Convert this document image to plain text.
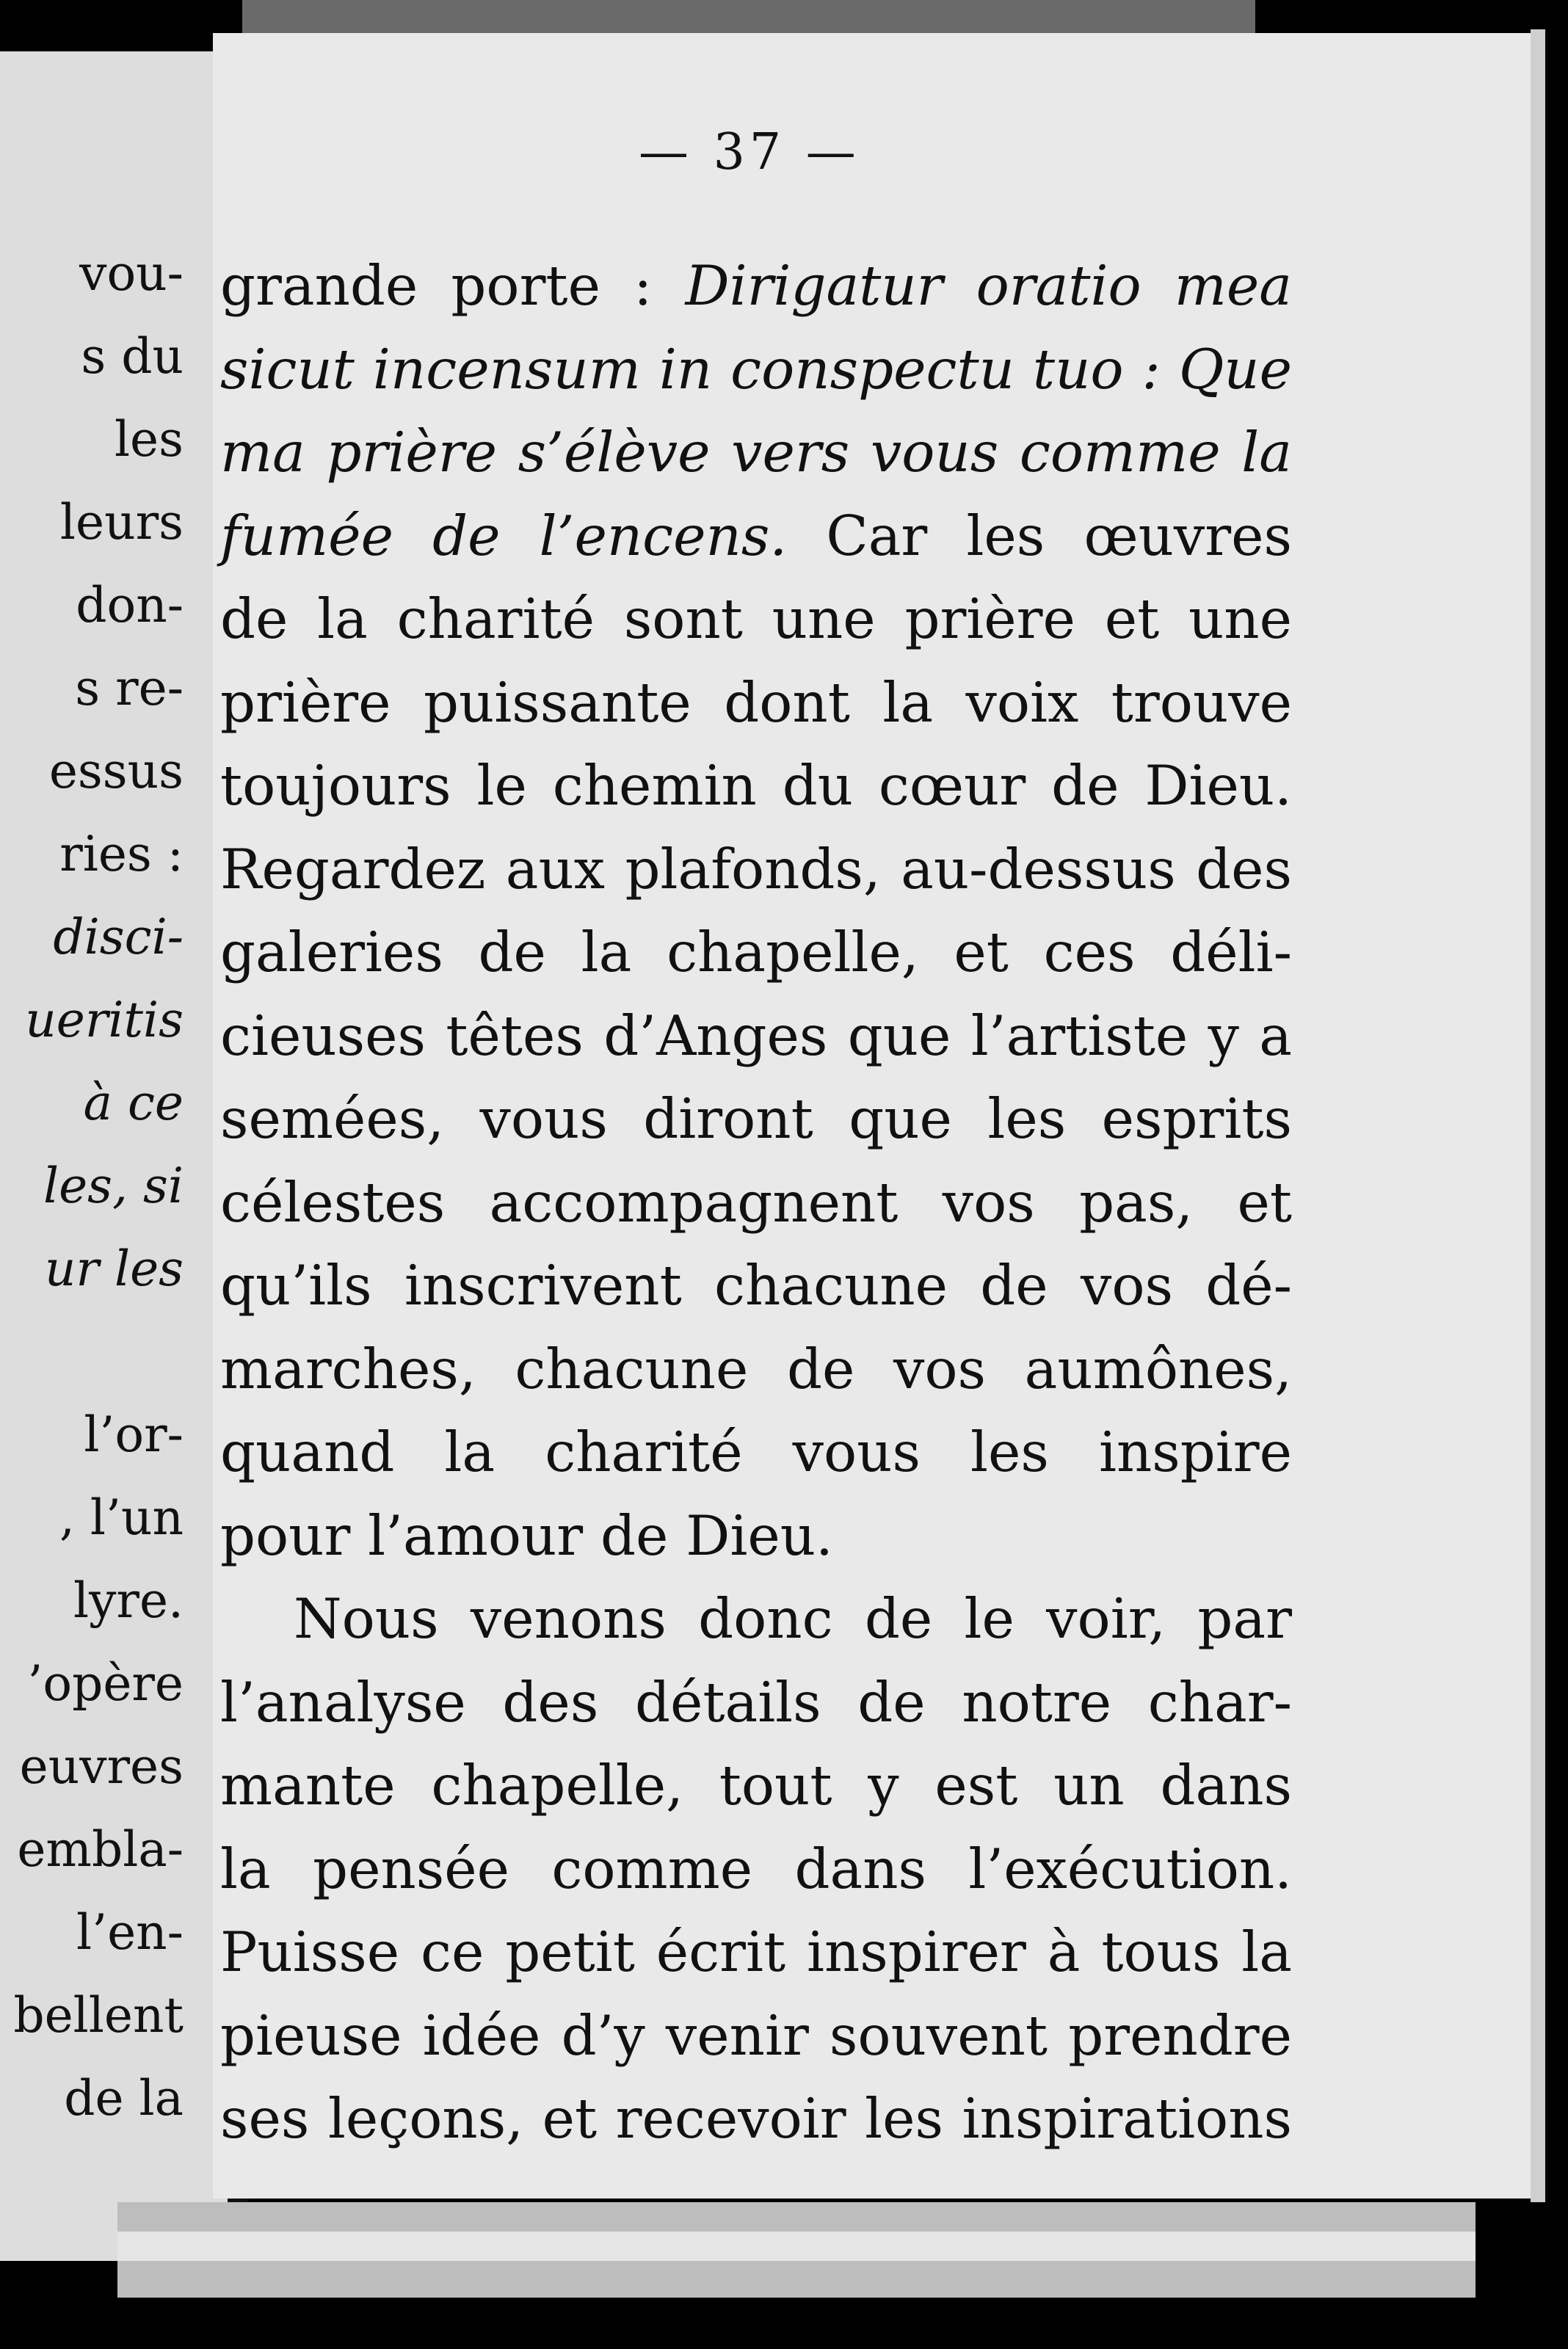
vou-
s du
les
leurs
don-
s re-
essus
ries :
disci-
ueritis
à ce
les, si
ur les
l’or-
, l’un
lyre.
’opère
euvres
embla-
l’en-
bellent
de la
— 37 —
grande porte : Dirigatur oratio mea
sicut incensum in conspectu tuo : Que
ma prière s’élève vers vous comme la
fumée de l’encens. Car les œuvres
de la charité sont une prière et une
prière puissante dont la voix trouve
toujours le chemin du cœur de Dieu.
Regardez aux plafonds, au-dessus des
galeries de la chapelle, et ces déli-
cieuses têtes d’Anges que l’artiste y a
semées, vous diront que les esprits
célestes accompagnent vos pas, et
qu’ils inscrivent chacune de vos dé-
marches, chacune de vos aumônes,
quand la charité vous les inspire
pour l’amour de Dieu.
Nous venons donc de le voir, par
l’analyse des détails de notre char-
mante chapelle, tout y est un dans
la pensée comme dans l’exécution.
Puisse ce petit écrit inspirer à tous la
pieuse idée d’y venir souvent prendre
ses leçons, et recevoir les inspirations
